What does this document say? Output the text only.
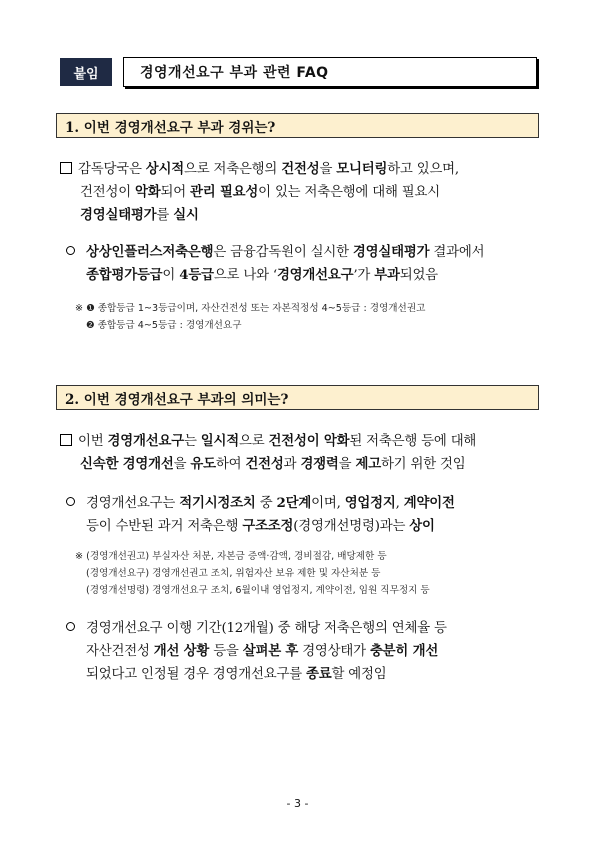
붙임	경영개선요구 부과 관련 FAQ
1. 이번 경영개선요구 부과 경위는?
감독당국은 상시적으로 저축은행의 건전성을 모니터링하고 있으며,
건전성이 악화되어 관리 필요성이 있는 저축은행에 대해 필요시
경영실태평가를 실시
상상인플러스저축은행은 금융감독원이 실시한 경영실태평가 결과에서
종합평가등급이 4등급으로 나와 ‘경영개선요구’가 부과되었음
※ ❶ 종합등급 1~3등급이며, 자산건전성 또는 자본적정성 4~5등급 : 경영개선권고
❷ 종합등급 4~5등급 : 경영개선요구
2. 이번 경영개선요구 부과의 의미는?
이번 경영개선요구는 일시적으로 건전성이 악화된 저축은행 등에 대해
신속한 경영개선을 유도하여 건전성과 경쟁력을 제고하기 위한 것임
경영개선요구는 적기시정조치 중 2단계이며, 영업정지, 계약이전
등이 수반된 과거 저축은행 구조조정(경영개선명령)과는 상이
※ (경영개선권고) 부실자산 처분, 자본금 증액·감액, 경비절감, 배당제한 등
(경영개선요구) 경영개선권고 조치, 위험자산 보유 제한 및 자산처분 등
(경영개선명령) 경영개선요구 조치, 6월이내 영업정지, 계약이전, 임원 직무정지 등
경영개선요구 이행 기간(12개월) 중 해당 저축은행의 연체율 등
자산건전성 개선 상황 등을 살펴본 후 경영상태가 충분히 개선
되었다고 인정될 경우 경영개선요구를 종료할 예정임
- 3 -
